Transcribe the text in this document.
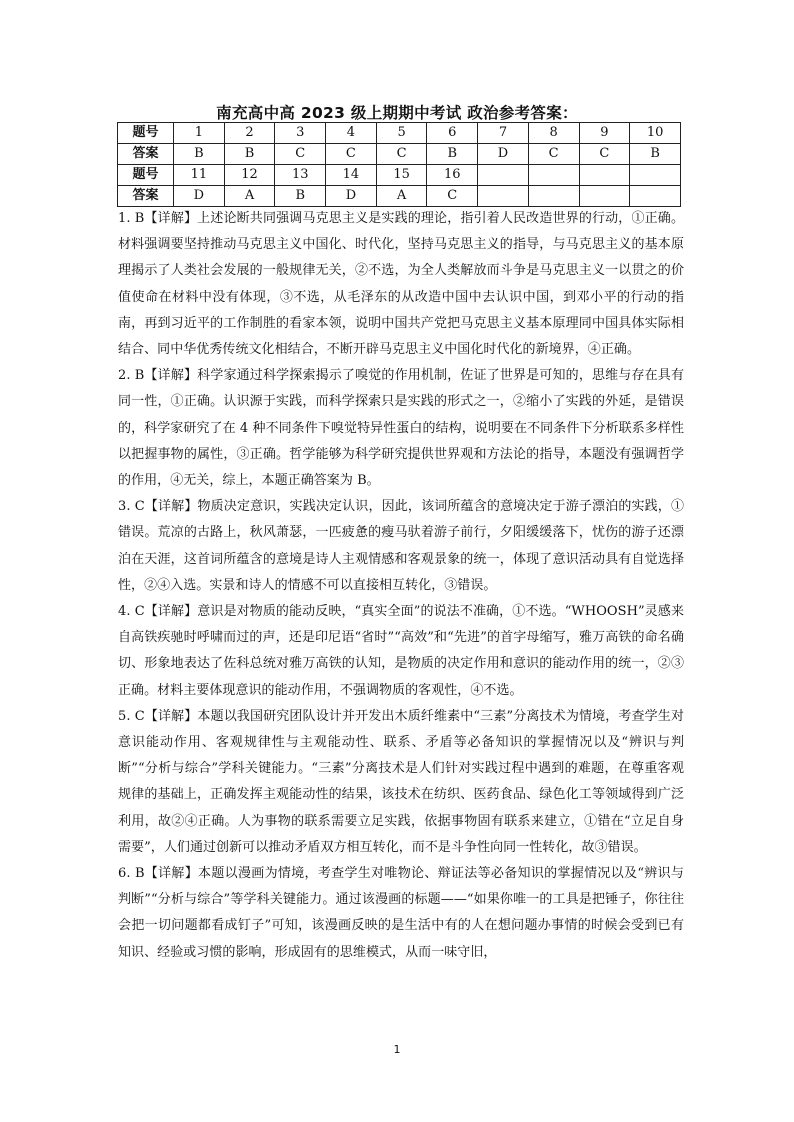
南充高中高 2023 级上期期中考试 政治参考答案：
题号	1	2	3	4	5	6	7	8	9	10
答案	B	B	C	C	C	B	D	C	C	B
题号	11	12	13	14	15	16				
答案	D	A	B	D	A	C				

1. B【详解】上述论断共同强调马克思主义是实践的理论，指引着人民改造世界的行动，①正确。材料强调要坚持推动马克思主义中国化、时代化，坚持马克思主义的指导，与马克思主义的基本原理揭示了人类社会发展的一般规律无关，②不选，为全人类解放而斗争是马克思主义一以贯之的价值使命在材料中没有体现，③不选，从毛泽东的从改造中国中去认识中国，到邓小平的行动的指南，再到习近平的工作制胜的看家本领，说明中国共产党把马克思主义基本原理同中国具体实际相结合、同中华优秀传统文化相结合，不断开辟马克思主义中国化时代化的新境界，④正确。

2. B【详解】科学家通过科学探索揭示了嗅觉的作用机制，佐证了世界是可知的，思维与存在具有同一性，①正确。认识源于实践，而科学探索只是实践的形式之一，②缩小了实践的外延，是错误的，科学家研究了在 4 种不同条件下嗅觉特异性蛋白的结构，说明要在不同条件下分析联系多样性以把握事物的属性，③正确。哲学能够为科学研究提供世界观和方法论的指导，本题没有强调哲学的作用，④无关，综上，本题正确答案为 B。

3. C【详解】物质决定意识，实践决定认识，因此，该词所蕴含的意境决定于游子漂泊的实践，①错误。荒凉的古路上，秋风萧瑟，一匹疲惫的瘦马驮着游子前行，夕阳缓缓落下，忧伤的游子还漂泊在天涯，这首词所蕴含的意境是诗人主观情感和客观景象的统一，体现了意识活动具有自觉选择性，②④入选。实景和诗人的情感不可以直接相互转化，③错误。

4. C【详解】意识是对物质的能动反映，“真实全面”的说法不准确，①不选。“WHOOSH”灵感来自高铁疾驰时呼啸而过的声，还是印尼语“省时”“高效”和“先进”的首字母缩写，雅万高铁的命名确切、形象地表达了佐科总统对雅万高铁的认知，是物质的决定作用和意识的能动作用的统一，②③正确。材料主要体现意识的能动作用，不强调物质的客观性，④不选。

5. C【详解】本题以我国研究团队设计并开发出木质纤维素中“三素”分离技术为情境，考查学生对意识能动作用、客观规律性与主观能动性、联系、矛盾等必备知识的掌握情况以及“辨识与判断”“分析与综合”学科关键能力。“三素”分离技术是人们针对实践过程中遇到的难题，在尊重客观规律的基础上，正确发挥主观能动性的结果，该技术在纺织、医药食品、绿色化工等领域得到广泛利用，故②④正确。人为事物的联系需要立足实践，依据事物固有联系来建立，①错在“立足自身需要”，人们通过创新可以推动矛盾双方相互转化，而不是斗争性向同一性转化，故③错误。

6. B【详解】本题以漫画为情境，考查学生对唯物论、辩证法等必备知识的掌握情况以及“辨识与判断”“分析与综合”等学科关键能力。通过该漫画的标题——“如果你唯一的工具是把锤子，你往往会把一切问题都看成钉子”可知，该漫画反映的是生活中有的人在想问题办事情的时候会受到已有知识、经验或习惯的影响，形成固有的思维模式，从而一味守旧，

1
